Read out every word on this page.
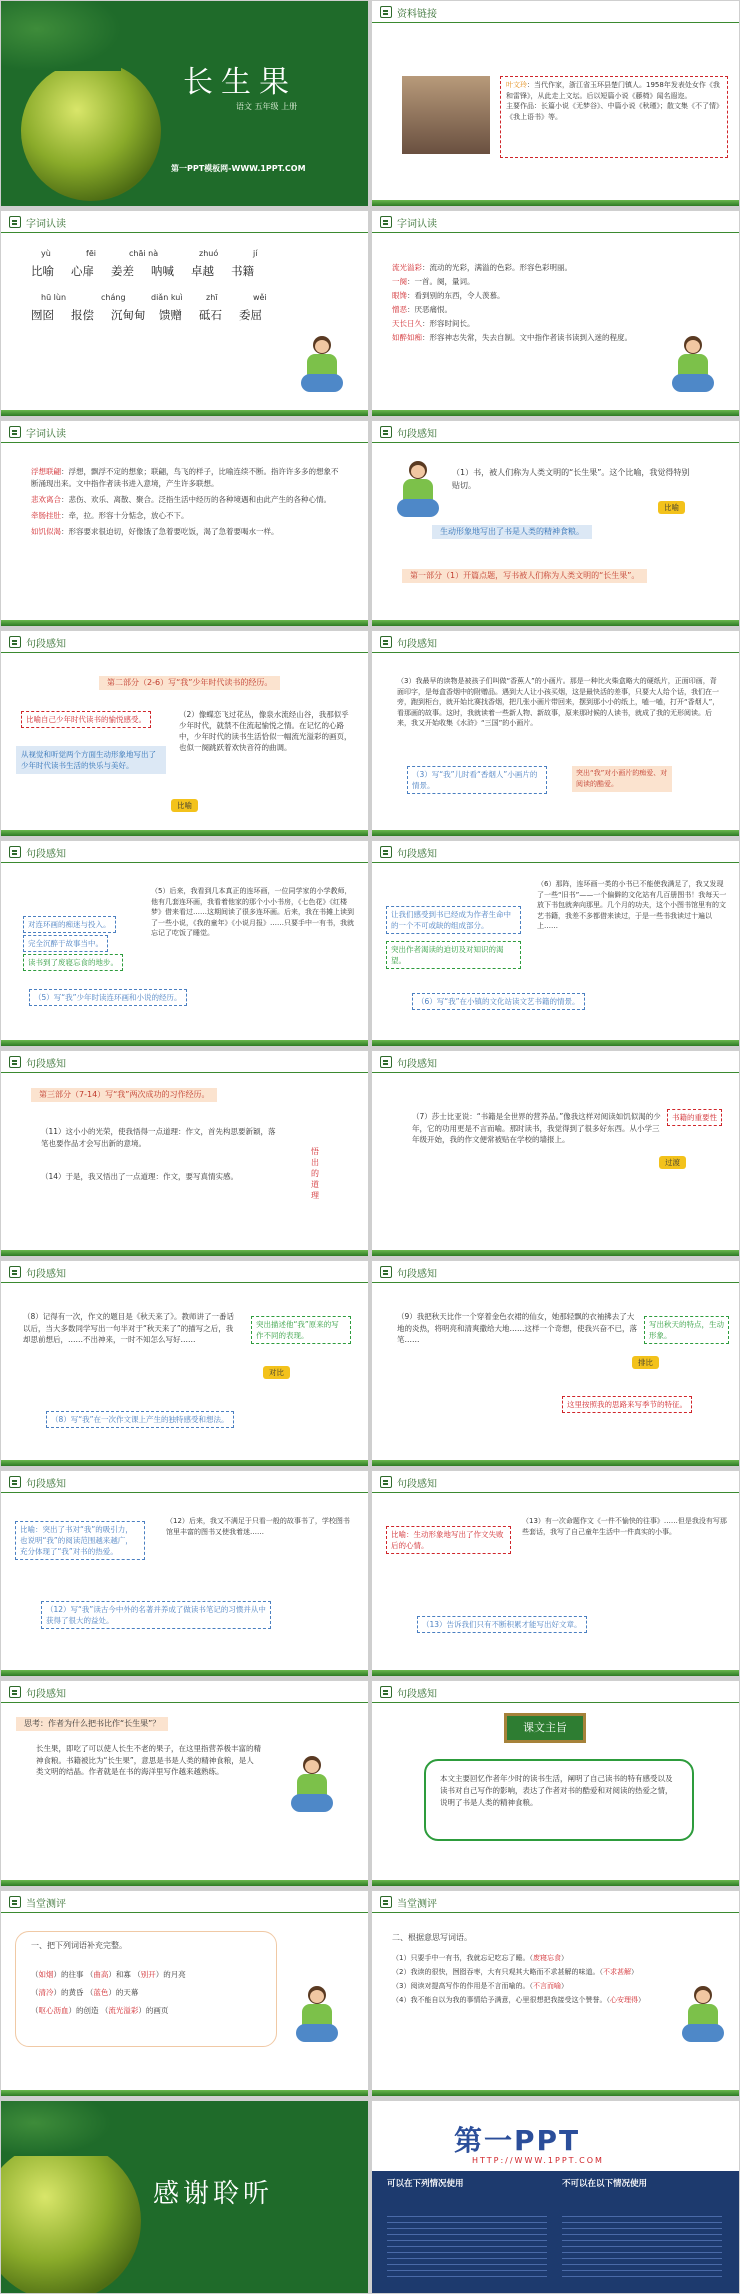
长生果
语文 五年级 上册
第一PPT模板网-WWW.1PPT.COM
资料链接
叶文玲：当代作家，浙江省玉环县楚门镇人。1958年发表处女作《我和雷锋》，从此走上文坛。后以短篇小说《藤椅》闻名遐迩。
主要作品：长篇小说《无梦谷》、中篇小说《秋瑾》；散文集《不了情》《我上语书》等。
字词认读
yù	fēi	chāi nà	zhuó	jí
比喻 心扉 姜差 呐喊 卓越 书籍
hū lùn	cháng	diǎn kuì	zhī	wěi
囫囵 报偿 沉甸甸 馈赠 砥石 委屈
字词认读
流光溢彩：流动的光彩，满溢的色彩。形容色彩明丽。
一阕：一首。阕，量词。
眼馋：看到别的东西，令人羡慕。
憎恶：厌恶痛恨。
天长日久：形容时间长。
如醉如痴：形容神志失常，失去自制。文中指作者读书读到入迷的程度。
字词认读
浮想联翩：浮想，飘浮不定的想象；联翩，鸟飞的样子，比喻连续不断。指许许多多的想象不断涌现出来。文中指作者读书进入意境，产生许多联想。
悲欢离合：悲伤、欢乐、离散、聚合。泛指生活中经历的各种境遇和由此产生的各种心情。
牵肠挂肚：牵，拉。形容十分惦念，放心不下。
如饥似渴：形容要求很迫切，好像饿了急着要吃饭，渴了急着要喝水一样。
句段感知
（1）书，被人们称为人类文明的“长生果”。这个比喻，我觉得特别贴切。
比喻
生动形象地写出了书是人类的精神食粮。
第一部分（1）开篇点题，写书被人们称为人类文明的“长生果”。
句段感知
第二部分（2-6）写“我”少年时代读书的经历。
比喻自己少年时代读书的愉悦感受。
从视觉和听觉两个方面生动形象地写出了少年时代读书生活的快乐与美好。
（2）像蝶恋飞过花丛，像泉水流经山谷，我那似乎少年时代，就禁不住流起愉悦之情。在记忆的心路中，少年时代的读书生活恰似一幅流光溢彩的画页，也似一阕跳跃着欢快音符的曲调。
比喻
句段感知
（3）我最早的读物是被孩子们叫做“香蕉人”的小画片。那是一种比火柴盒略大的硬纸片，正面印画，背面印字，是每盒香烟中的附赠品。遇到大人让小孩买烟，这是最快活的差事，只要大人给个话，我们在一旁，跑到柜台，就开始比赛找香烟，把几张小画片带回来，摆到那小小的纸上，嗑一嗑，打开“香烟人”，看那画的故事。这时，我就读着一些新人物、新故事，原来那时候的人读书，就成了我的无形阅读。后来，我又开始收集《水浒》“三国”的小画片。
（3）写“我”儿时看“香烟人”小画片的情景。
突出“我”对小画片的痴爱、对阅读的酷爱。
句段感知
（5）后来，我看到几本真正的连环画，一位同学家的小学教师，他有几套连环画，我看着他家的那个小小书房，《七色花》《红楼梦》借来看过……这期间读了很多连环画。后来，我在书摊上读到了一些小说，《我的童年》《小说月报》……只要手中一有书，我就忘记了吃饭了睡觉。
对连环画的痴迷与投入。
完全沉醉于故事当中。
读书到了废寝忘食的地步。
（5）写“我”少年时读连环画和小说的经历。
句段感知
（6）那阵，连环画一类的小书已不能使我满足了，我又发现了一些“旧书”——一个偏僻的文化站有几百册图书！我每天一放下书包就奔向那里。几个月的功夫，这个小图书馆里有的文艺书籍，我差不多都借来读过，于是一些书我读过十遍以上……
让我们感受到书已经成为作者生命中的一个不可或缺的组成部分。
突出作者渴读的迫切及对知识的渴望。
（6）写“我”在小镇的文化站读文艺书籍的情景。
句段感知
第三部分（7-14）写“我”两次成功的习作经历。
（11）这小小的光荣，使我悟得一点道理：作文，首先构思要新颖，落笔也要作品才会写出新的意境。
（14）于是，我又悟出了一点道理：作文，要写真情实感。
悟出的道理
句段感知
（7）莎士比亚说：“书籍是全世界的营养品。”像我这样对阅读如饥似渴的少年，它的功用更是不言而喻。那时读书，我觉得到了很多好东西。从小学三年级开始，我的作文便常被贴在学校的墙报上。
书籍的重要性
过渡
句段感知
（8）记得有一次，作文的题目是《秋天来了》。教师讲了一番话以后，当大多数同学写出一句半对于“秋天来了”的描写之后，我却思前想后，……不出神来，一时不知怎么写好……
突出描述他“我”原来的写作不同的表现。
对比
（8）写“我”在一次作文课上产生的独特感受和想法。
句段感知
（9）我把秋天比作一个穿着金色衣裙的仙女，她那轻飘的衣袖拂去了大地的炎热，将明亮和清爽撒给大地……这样一个奇想，使我兴奋不已，落笔……
写出秋天的特点，生动形象。
排比
这里按照我的思路来写季节的特征。
句段感知
（12）后来，我又不满足于只看一般的故事书了，学校图书馆里丰富的图书又使我着迷……
比喻：突出了书对“我”的吸引力，也说明“我”的阅读范围越来越广，充分体现了“我”对书的热爱。
（12）写“我”读古今中外的名著并养成了做读书笔记的习惯并从中获得了很大的益处。
句段感知
（13）有一次命题作文《一件不愉快的往事》……但是我没有写那些套话，我写了自己童年生活中一件真实的小事。
比喻：生动形象地写出了作文失败后的心情。
（13）告诉我们只有不断积累才能写出好文章。
句段感知
思考：作者为什么把书比作“长生果”？
长生果，即吃了可以使人长生不老的果子，在这里指营养极丰富的精神食粮。书籍被比为“长生果”，意思是书是人类的精神食粮，是人类文明的结晶。作者就是在书的海洋里写作越来越熟练。
句段感知
课文主旨
本文主要回忆作者年少时的读书生活，阐明了自己读书的特有感受以及读书对自己写作的影响，表达了作者对书的酷爱和对阅读的热爱之情，说明了书是人类的精神食粮。
当堂测评
一、把下列词语补充完整。
（如烟）的往事 （曲高）和寡 （别开）的月亮
（清冷）的黄昏 （蓝色）的天幕
（呕心沥血）的创造 （流光溢彩）的画页
当堂测评
二、根据意思写词语。
（1）只要手中一有书，我就忘记吃忘了睡。（废寝忘食）
（2）我读的很快，囫囵吞枣，大有只观其大略而不求甚解的味道。（不求甚解）
（3）阅读对提高写作的作用是不言而喻的。（不言而喻）
（4）我不能自以为我的事情给予满意，心里很想把我接受这个赞誉。（心安理得）
感谢聆听
第一PPT
HTTP://WWW.1PPT.COM
可以在下列情况使用	不可以在以下情况使用
